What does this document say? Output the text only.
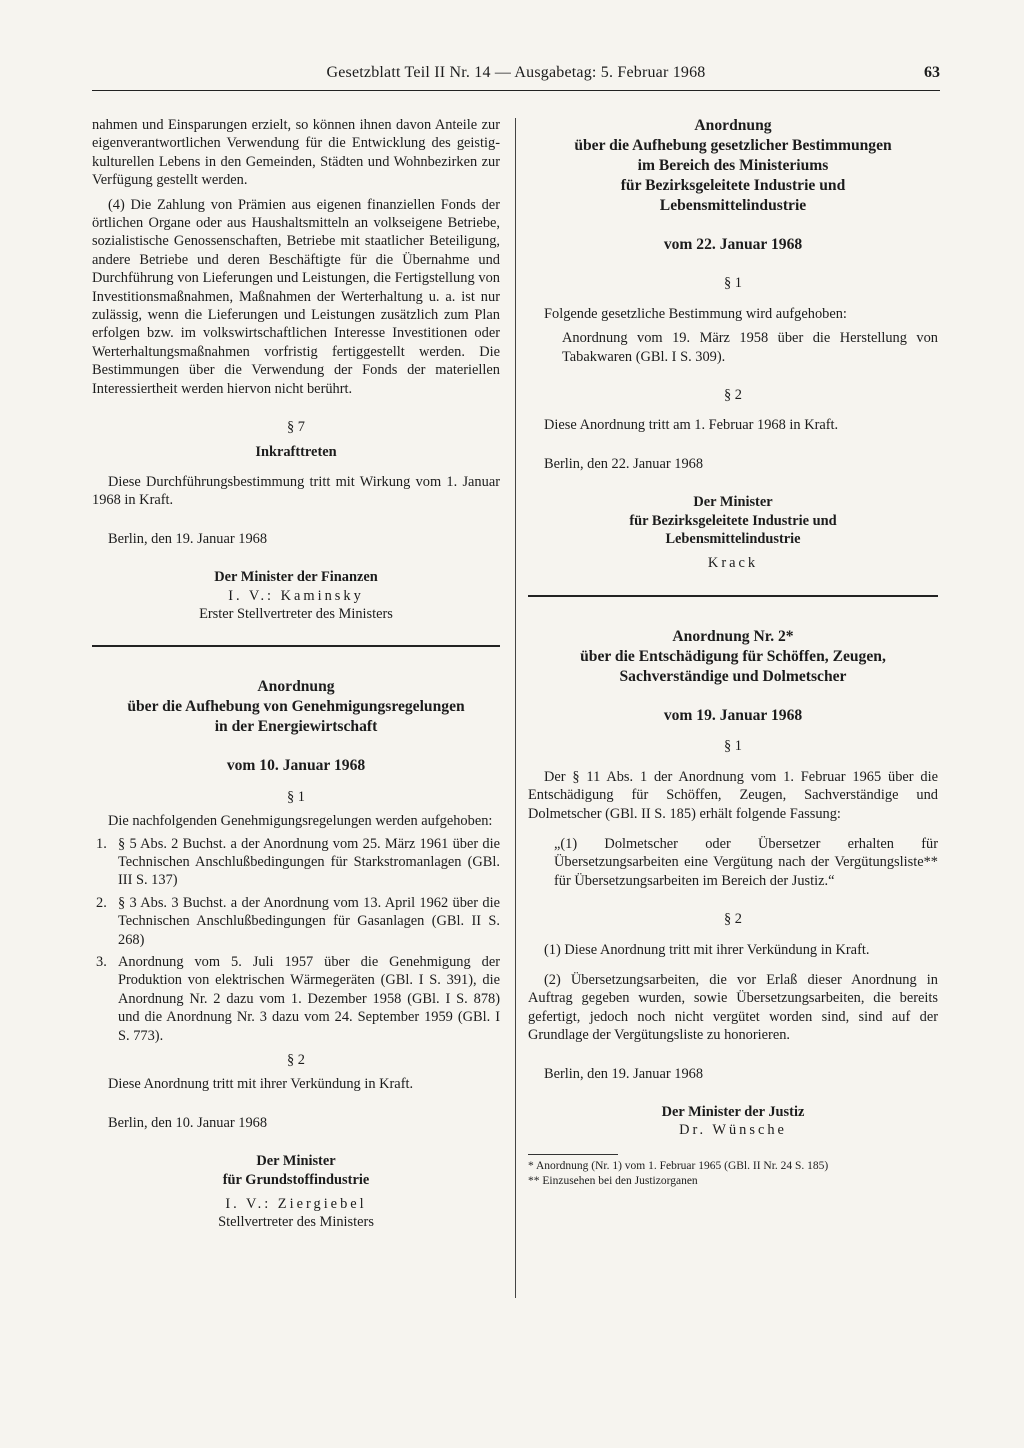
Gesetzblatt Teil II Nr. 14 — Ausgabetag: 5. Februar 1968	63

nahmen und Einsparungen erzielt, so können ihnen davon Anteile zur eigenverantwortlichen Verwendung für die Entwicklung des geistig-kulturellen Lebens in den Gemeinden, Städten und Wohnbezirken zur Verfügung gestellt werden.

(4) Die Zahlung von Prämien aus eigenen finanziellen Fonds der örtlichen Organe oder aus Haushaltsmitteln an volkseigene Betriebe, sozialistische Genossenschaften, Betriebe mit staatlicher Beteiligung, andere Betriebe und deren Beschäftigte für die Übernahme und Durchführung von Lieferungen und Leistungen, die Fertigstellung von Investitionsmaßnahmen, Maßnahmen der Werterhaltung u. a. ist nur zulässig, wenn die Lieferungen und Leistungen zusätzlich zum Plan erfolgen bzw. im volkswirtschaftlichen Interesse Investitionen oder Werterhaltungsmaßnahmen vorfristig fertiggestellt werden. Die Bestimmungen über die Verwendung der Fonds der materiellen Interessiertheit werden hiervon nicht berührt.

§ 7

Inkrafttreten

Diese Durchführungsbestimmung tritt mit Wirkung vom 1. Januar 1968 in Kraft.

Berlin, den 19. Januar 1968

Der Minister der Finanzen

I. V.: Kaminsky

Erster Stellvertreter des Ministers

Anordnung
über die Aufhebung von Genehmigungsregelungen
in der Energiewirtschaft

vom 10. Januar 1968

§ 1

Die nachfolgenden Genehmigungsregelungen werden aufgehoben:

1. § 5 Abs. 2 Buchst. a der Anordnung vom 25. März 1961 über die Technischen Anschlußbedingungen für Starkstromanlagen (GBl. III S. 137)
2. § 3 Abs. 3 Buchst. a der Anordnung vom 13. April 1962 über die Technischen Anschlußbedingungen für Gasanlagen (GBl. II S. 268)
3. Anordnung vom 5. Juli 1957 über die Genehmigung der Produktion von elektrischen Wärmegeräten (GBl. I S. 391), die Anordnung Nr. 2 dazu vom 1. Dezember 1958 (GBl. I S. 878) und die Anordnung Nr. 3 dazu vom 24. September 1959 (GBl. I S. 773).

§ 2

Diese Anordnung tritt mit ihrer Verkündung in Kraft.

Berlin, den 10. Januar 1968

Der Minister

für Grundstoffindustrie

I. V.: Ziergiebel

Stellvertreter des Ministers

Anordnung
über die Aufhebung gesetzlicher Bestimmungen
im Bereich des Ministeriums
für Bezirksgeleitete Industrie und
Lebensmittelindustrie

vom 22. Januar 1968

§ 1

Folgende gesetzliche Bestimmung wird aufgehoben:

Anordnung vom 19. März 1958 über die Herstellung von Tabakwaren (GBl. I S. 309).

§ 2

Diese Anordnung tritt am 1. Februar 1968 in Kraft.

Berlin, den 22. Januar 1968

Der Minister

für Bezirksgeleitete Industrie und

Lebensmittelindustrie

Krack

Anordnung Nr. 2*
über die Entschädigung für Schöffen, Zeugen,
Sachverständige und Dolmetscher

vom 19. Januar 1968

§ 1

Der § 11 Abs. 1 der Anordnung vom 1. Februar 1965 über die Entschädigung für Schöffen, Zeugen, Sachverständige und Dolmetscher (GBl. II S. 185) erhält folgende Fassung:

„(1) Dolmetscher oder Übersetzer erhalten für Übersetzungsarbeiten eine Vergütung nach der Vergütungsliste** für Übersetzungsarbeiten im Bereich der Justiz.“

§ 2

(1) Diese Anordnung tritt mit ihrer Verkündung in Kraft.

(2) Übersetzungsarbeiten, die vor Erlaß dieser Anordnung in Auftrag gegeben wurden, sowie Übersetzungsarbeiten, die bereits gefertigt, jedoch noch nicht vergütet worden sind, sind auf der Grundlage der Vergütungsliste zu honorieren.

Berlin, den 19. Januar 1968

Der Minister der Justiz

Dr. Wünsche

* Anordnung (Nr. 1) vom 1. Februar 1965 (GBl. II Nr. 24 S. 185)

** Einzusehen bei den Justizorganen
